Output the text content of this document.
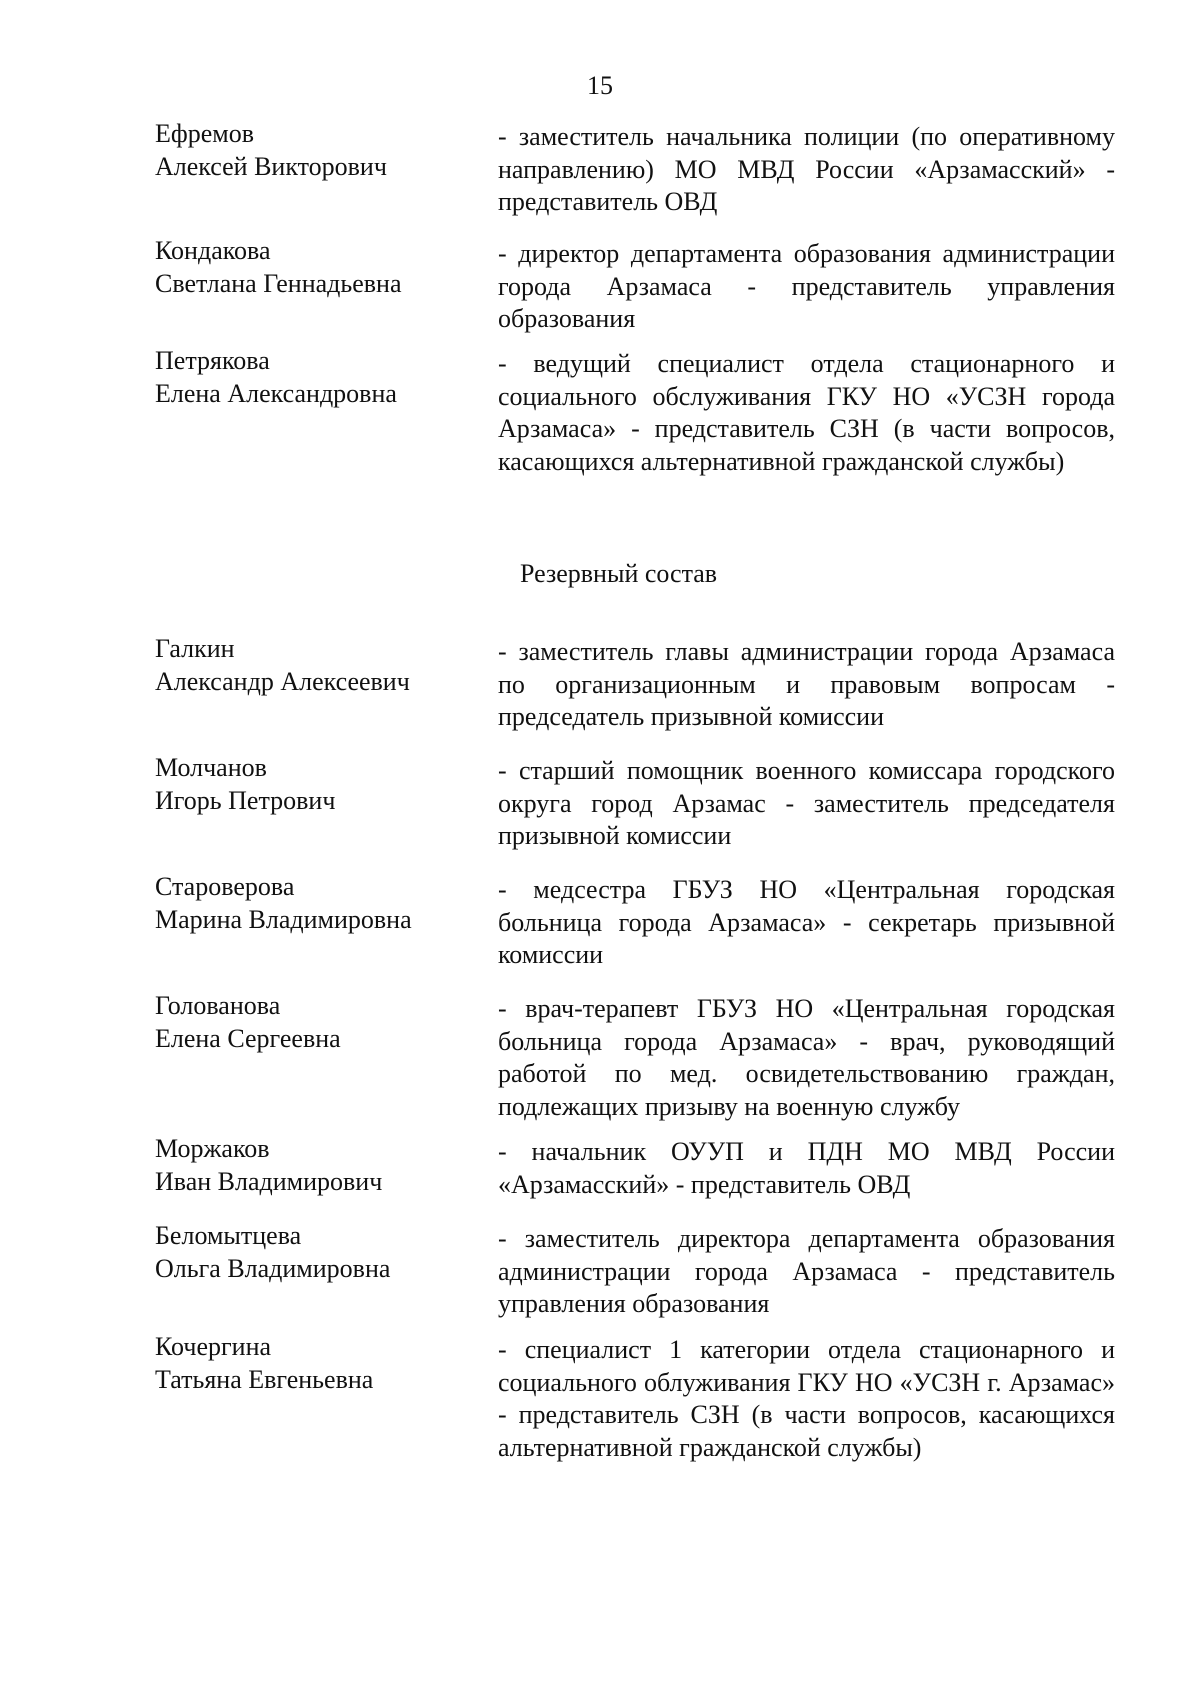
15
Ефремов
Алексей Викторович
- заместитель начальника полиции (по оперативному направлению) МО МВД России «Арзамасский» - представитель ОВД
Кондакова
Светлана Геннадьевна
- директор департамента образования администрации города Арзамаса - представитель управления образования
Петрякова
Елена Александровна
- ведущий специалист отдела стационарного и социального обслуживания ГКУ НО «УСЗН города Арзамаса» - представитель СЗН (в части вопросов, касающихся альтернативной гражданской службы)
Резервный состав
Галкин
Александр Алексеевич
- заместитель главы администрации города Арзамаса по организационным и правовым вопросам - председатель призывной комиссии
Молчанов
Игорь Петрович
- старший помощник военного комиссара городского округа город Арзамас - заместитель председателя призывной комиссии
Староверова
Марина Владимировна
- медсестра ГБУЗ НО «Центральная городская больница города Арзамаса» - секретарь призывной комиссии
Голованова
Елена Сергеевна
- врач-терапевт ГБУЗ НО «Центральная городская больница города Арзамаса» - врач, руководящий работой по мед. освидетельствованию граждан, подлежащих призыву на военную службу
Моржаков
Иван Владимирович
- начальник ОУУП и ПДН МО МВД России «Арзамасский» - представитель ОВД
Беломытцева
Ольга Владимировна
- заместитель директора департамента образования администрации города Арзамаса - представитель управления образования
Кочергина
Татьяна Евгеньевна
- специалист 1 категории отдела стационарного и социального облуживания ГКУ НО «УСЗН г. Арзамас» - представитель СЗН (в части вопросов, касающихся альтернативной гражданской службы)
